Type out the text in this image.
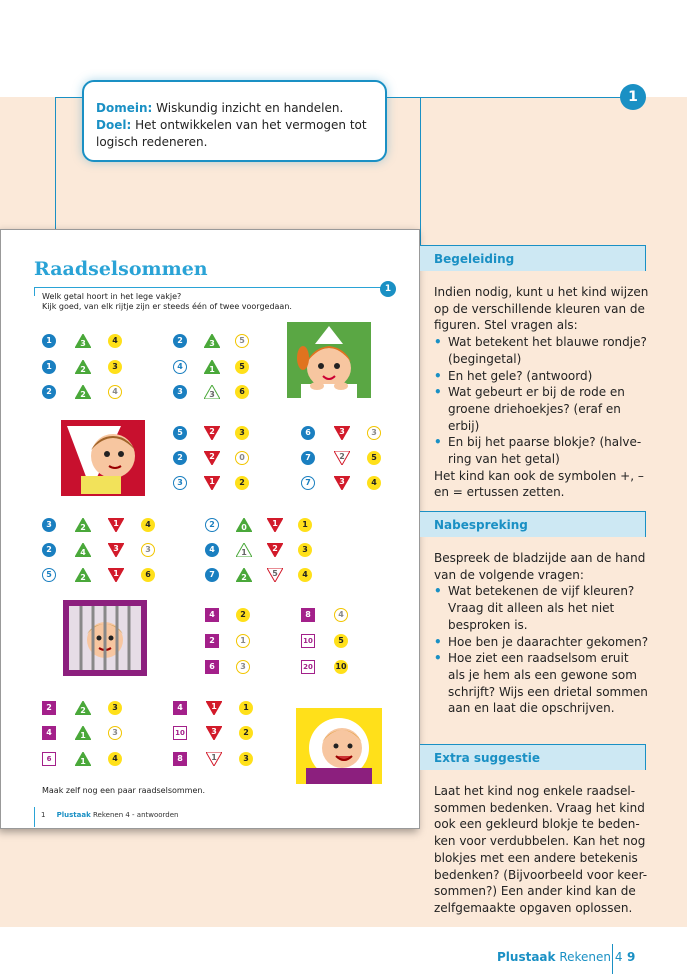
Domein: Wiskundig inzicht en handelen.
Doel: Het ontwikkelen van het vermogen tot logisch redeneren.
1
Raadselsommen
1
Welk getal hoort in het lege vakje?
Kijk goed, van elk rijtje zijn er steeds één of twee voorgedaan.
1	3	4
1	2	3
2	2	4
2	3	5
4	1	5
3	3	6
5	2	3
2	2	0
3	1	2
6	3	3
7	2	5
7	3	4
3	2	1	4
2	4	3	3
5	2	1	6
2	0	1	1
4	1	2	3
7	2	5	4
4	2
2	1
6	3
8	4
10	5
20	10
2	2	3
4	1	3
6	1	4
4	1	1
10	3	2
8	1	3
Maak zelf nog een paar raadselsommen.
1 Plustaak Rekenen 4 - antwoorden
Begeleiding
Indien nodig, kunt u het kind wijzen op de verschillende kleuren van de figuren. Stel vragen als:
• Wat betekent het blauwe rondje? (begingetal)
• En het gele? (antwoord)
• Wat gebeurt er bij de rode en groene driehoekjes? (eraf en erbij)
• En bij het paarse blokje? (halve-ring van het getal)
Het kind kan ook de symbolen +, – en = ertussen zetten.
Nabespreking
Bespreek de bladzijde aan de hand van de volgende vragen:
• Wat betekenen de vijf kleuren? Vraag dit alleen als het niet besproken is.
• Hoe ben je daarachter gekomen?
• Hoe ziet een raadselsom eruit als je hem als een gewone som schrijft? Wijs een drietal sommen aan en laat die opschrijven.
Extra suggestie
Laat het kind nog enkele raadsel-sommen bedenken. Vraag het kind ook een gekleurd blokje te beden-ken voor verdubbelen. Kan het nog blokjes met een andere betekenis bedenken? (Bijvoorbeeld voor keer-sommen?) Een ander kind kan de zelfgemaakte opgaven oplossen.
Plustaak Rekenen 4 9
